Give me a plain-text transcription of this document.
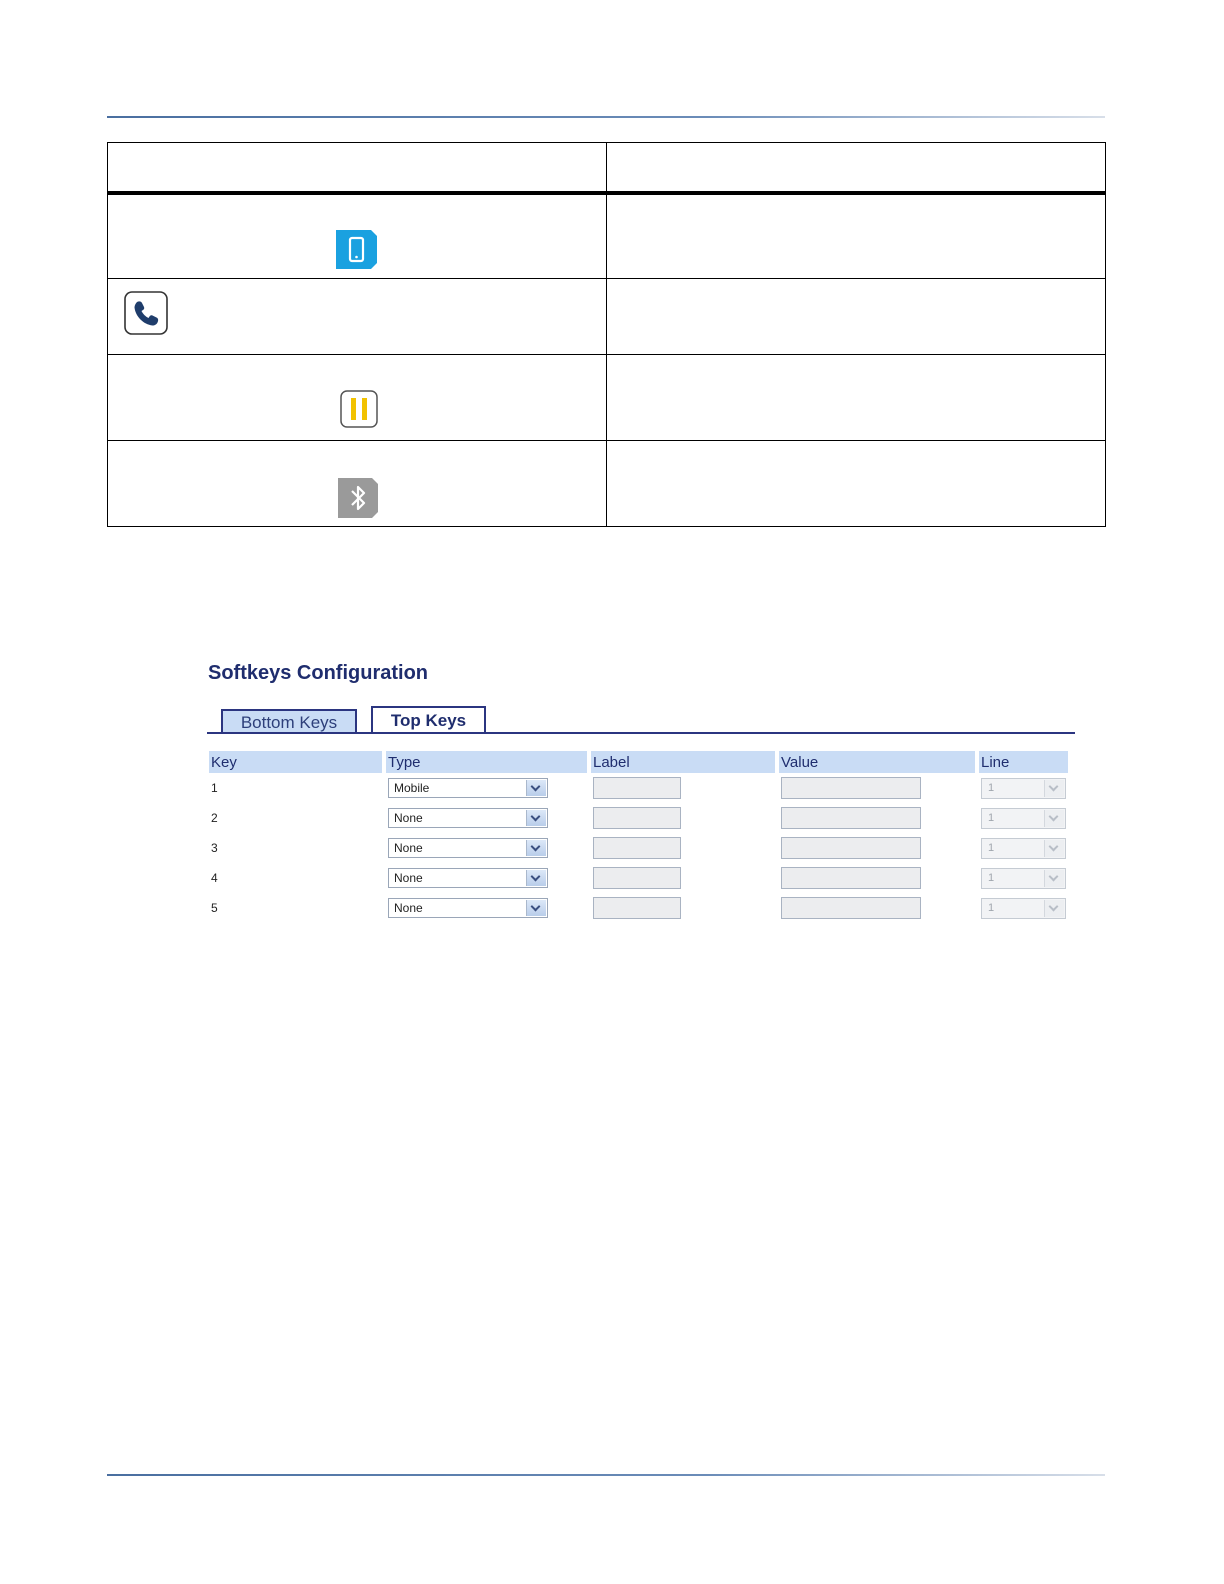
Softkeys Configuration
Bottom Keys	Top Keys
Key	Type	Label	Value	Line
1	Mobile			1

2	None			1

3	None			1

4	None			1

5	None			1
